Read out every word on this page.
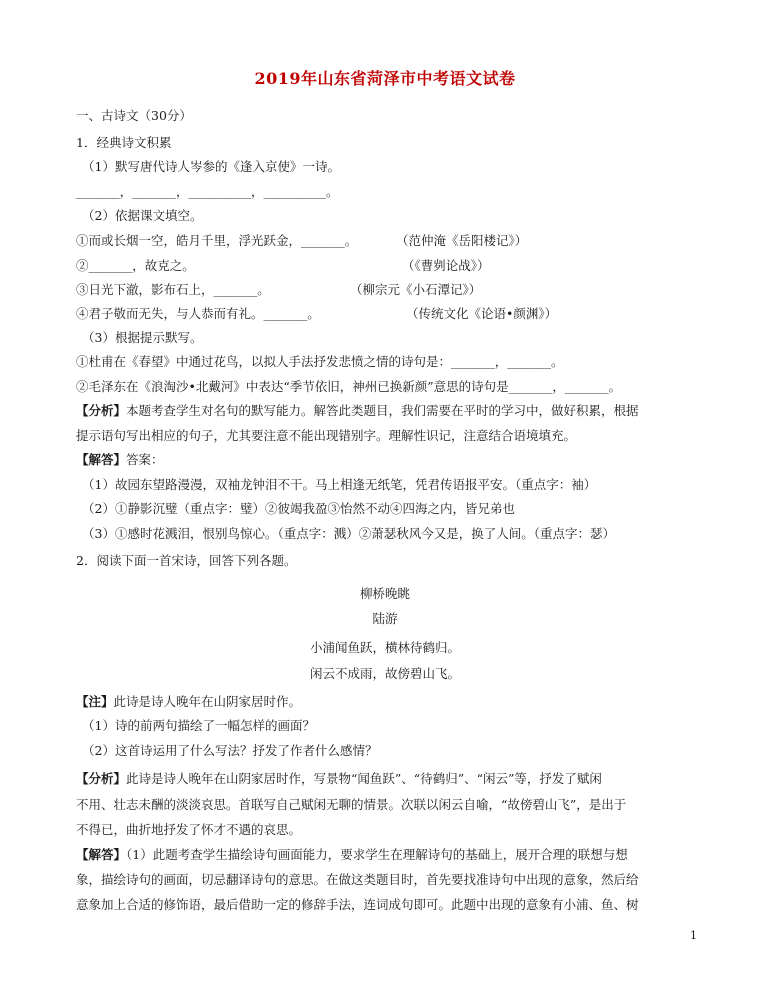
2019年山东省菏泽市中考语文试卷
一、古诗文（30分）
1．经典诗文积累
（1）默写唐代诗人岑参的《逢入京使》一诗。
_______，_______，__________，__________。
（2）依据课文填空。
①而或长烟一空，皓月千里，浮光跃金，_______。	（范仲淹《岳阳楼记》）
②_______，故克之。	（《曹刿论战》）
③日光下澈，影布石上，_______。	（柳宗元《小石潭记》）
④君子敬而无失，与人恭而有礼。_______。	（传统文化《论语•颜渊》）
（3）根据提示默写。
①杜甫在《春望》中通过花鸟，以拟人手法抒发悲愤之情的诗句是：_______，_______。
②毛泽东在《浪淘沙•北戴河》中表达“季节依旧，神州已换新颜”意思的诗句是_______，_______。
【分析】本题考查学生对名句的默写能力。解答此类题目，我们需要在平时的学习中，做好积累，根据
提示语句写出相应的句子，尤其要注意不能出现错别字。理解性识记，注意结合语境填充。
【解答】答案：
（1）故园东望路漫漫，双袖龙钟泪不干。马上相逢无纸笔，凭君传语报平安。（重点字：袖）
（2）①静影沉璧（重点字：璧）②彼竭我盈③怡然不动④四海之内，皆兄弟也
（3）①感时花溅泪，恨别鸟惊心。（重点字：溅）②萧瑟秋风今又是，换了人间。（重点字：瑟）
2．阅读下面一首宋诗，回答下列各题。
柳桥晚眺
陆游
小浦闻鱼跃，横林待鹤归。
闲云不成雨，故傍碧山飞。
【注】此诗是诗人晚年在山阴家居时作。
（1）诗的前两句描绘了一幅怎样的画面？
（2）这首诗运用了什么写法？抒发了作者什么感情？
【分析】此诗是诗人晚年在山阴家居时作，写景物“闻鱼跃”、“待鹤归”、“闲云”等，抒发了赋闲
不用、壮志未酬的淡淡哀思。首联写自己赋闲无聊的情景。次联以闲云自喻，“故傍碧山飞”，是出于
不得已，曲折地抒发了怀才不遇的哀思。
【解答】（1）此题考查学生描绘诗句画面能力，要求学生在理解诗句的基础上，展开合理的联想与想
象，描绘诗句的画面，切忌翻译诗句的意思。在做这类题目时，首先要找准诗句中出现的意象，然后给
意象加上合适的修饰语，最后借助一定的修辞手法，连词成句即可。此题中出现的意象有小浦、鱼、树
1
